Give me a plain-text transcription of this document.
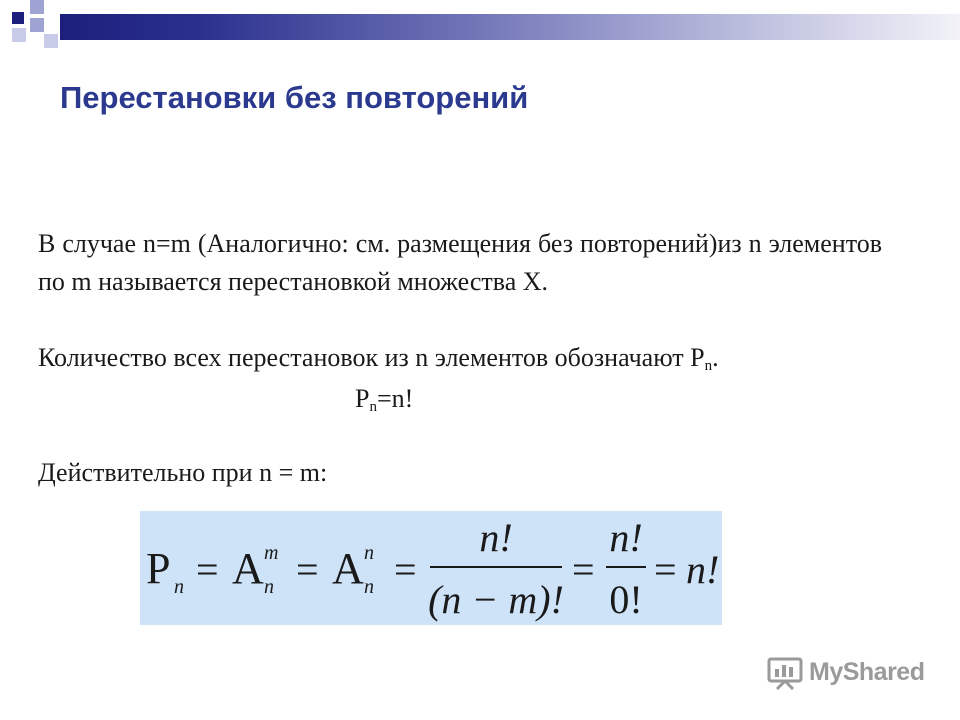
Перестановки без повторений
В случае n=m (Аналогично: см. размещения без повторений)из n элементов по m называется перестановкой множества X.
Количество всех перестановок из n элементов обозначают $P_n$.
$P_n=n$!
Действительно при n = m:
P n = A m
n = A n
n =
n!
(n − m)!
=
n!
0!
= n!
MyShared
